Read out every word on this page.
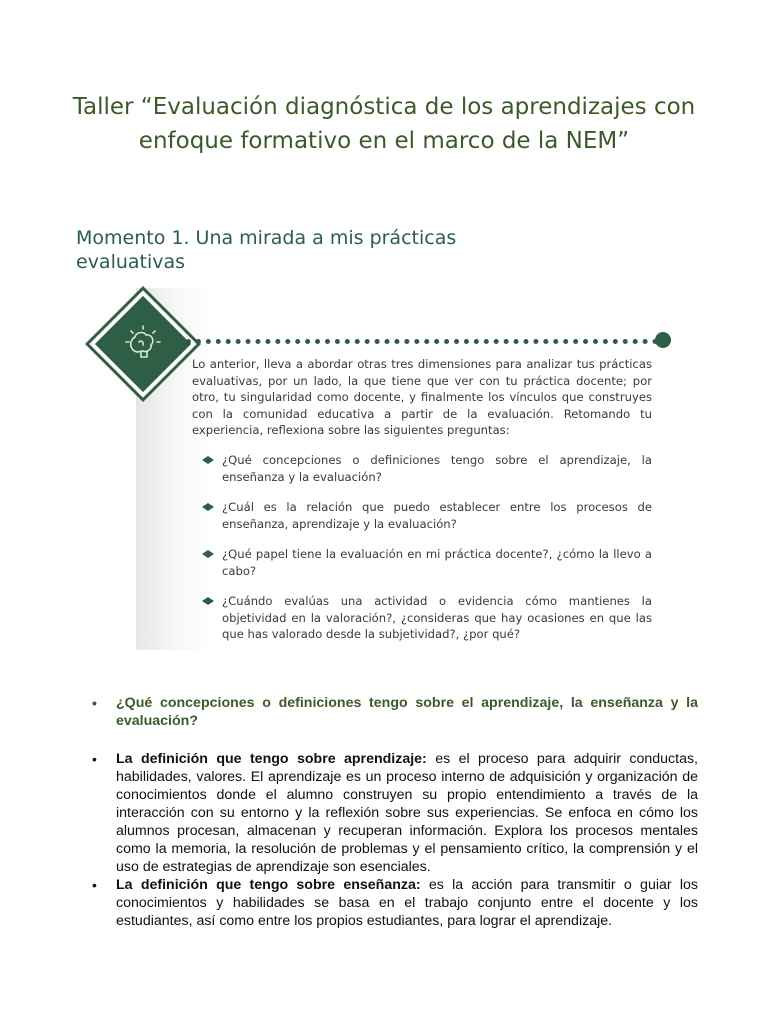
Taller “Evaluación diagnóstica de los aprendizajes con
enfoque formativo en el marco de la NEM”
Momento 1. Una mirada a mis prácticas evaluativas

Lo anterior, lleva a abordar otras tres dimensiones para analizar tus prácticas evaluativas, por un lado, la que tiene que ver con tu práctica docente; por otro, tu singularidad como docente, y finalmente los vínculos que construyes con la comunidad educativa a partir de la evaluación. Retomando tu experiencia, reflexiona sobre las siguientes preguntas:

¿Qué concepciones o definiciones tengo sobre el aprendizaje, la enseñanza y la evaluación?
¿Cuál es la relación que puedo establecer entre los procesos de enseñanza, aprendizaje y la evaluación?
¿Qué papel tiene la evaluación en mi práctica docente?, ¿cómo la llevo a cabo?
¿Cuándo evalúas una actividad o evidencia cómo mantienes la objetividad en la valoración?, ¿consideras que hay ocasiones en que las que has valorado desde la subjetividad?, ¿por qué?

• ¿Qué concepciones o definiciones tengo sobre el aprendizaje, la enseñanza y la evaluación?

• La definición que tengo sobre aprendizaje: es el proceso para adquirir conductas, habilidades, valores. El aprendizaje es un proceso interno de adquisición y organización de conocimientos donde el alumno construyen su propio entendimiento a través de la interacción con su entorno y la reflexión sobre sus experiencias. Se enfoca en cómo los alumnos procesan, almacenan y recuperan información. Explora los procesos mentales como la memoria, la resolución de problemas y el pensamiento crítico, la comprensión y el uso de estrategias de aprendizaje son esenciales.

• La definición que tengo sobre enseñanza: es la acción para transmitir o guiar los conocimientos y habilidades se basa en el trabajo conjunto entre el docente y los estudiantes, así como entre los propios estudiantes, para lograr el aprendizaje.
